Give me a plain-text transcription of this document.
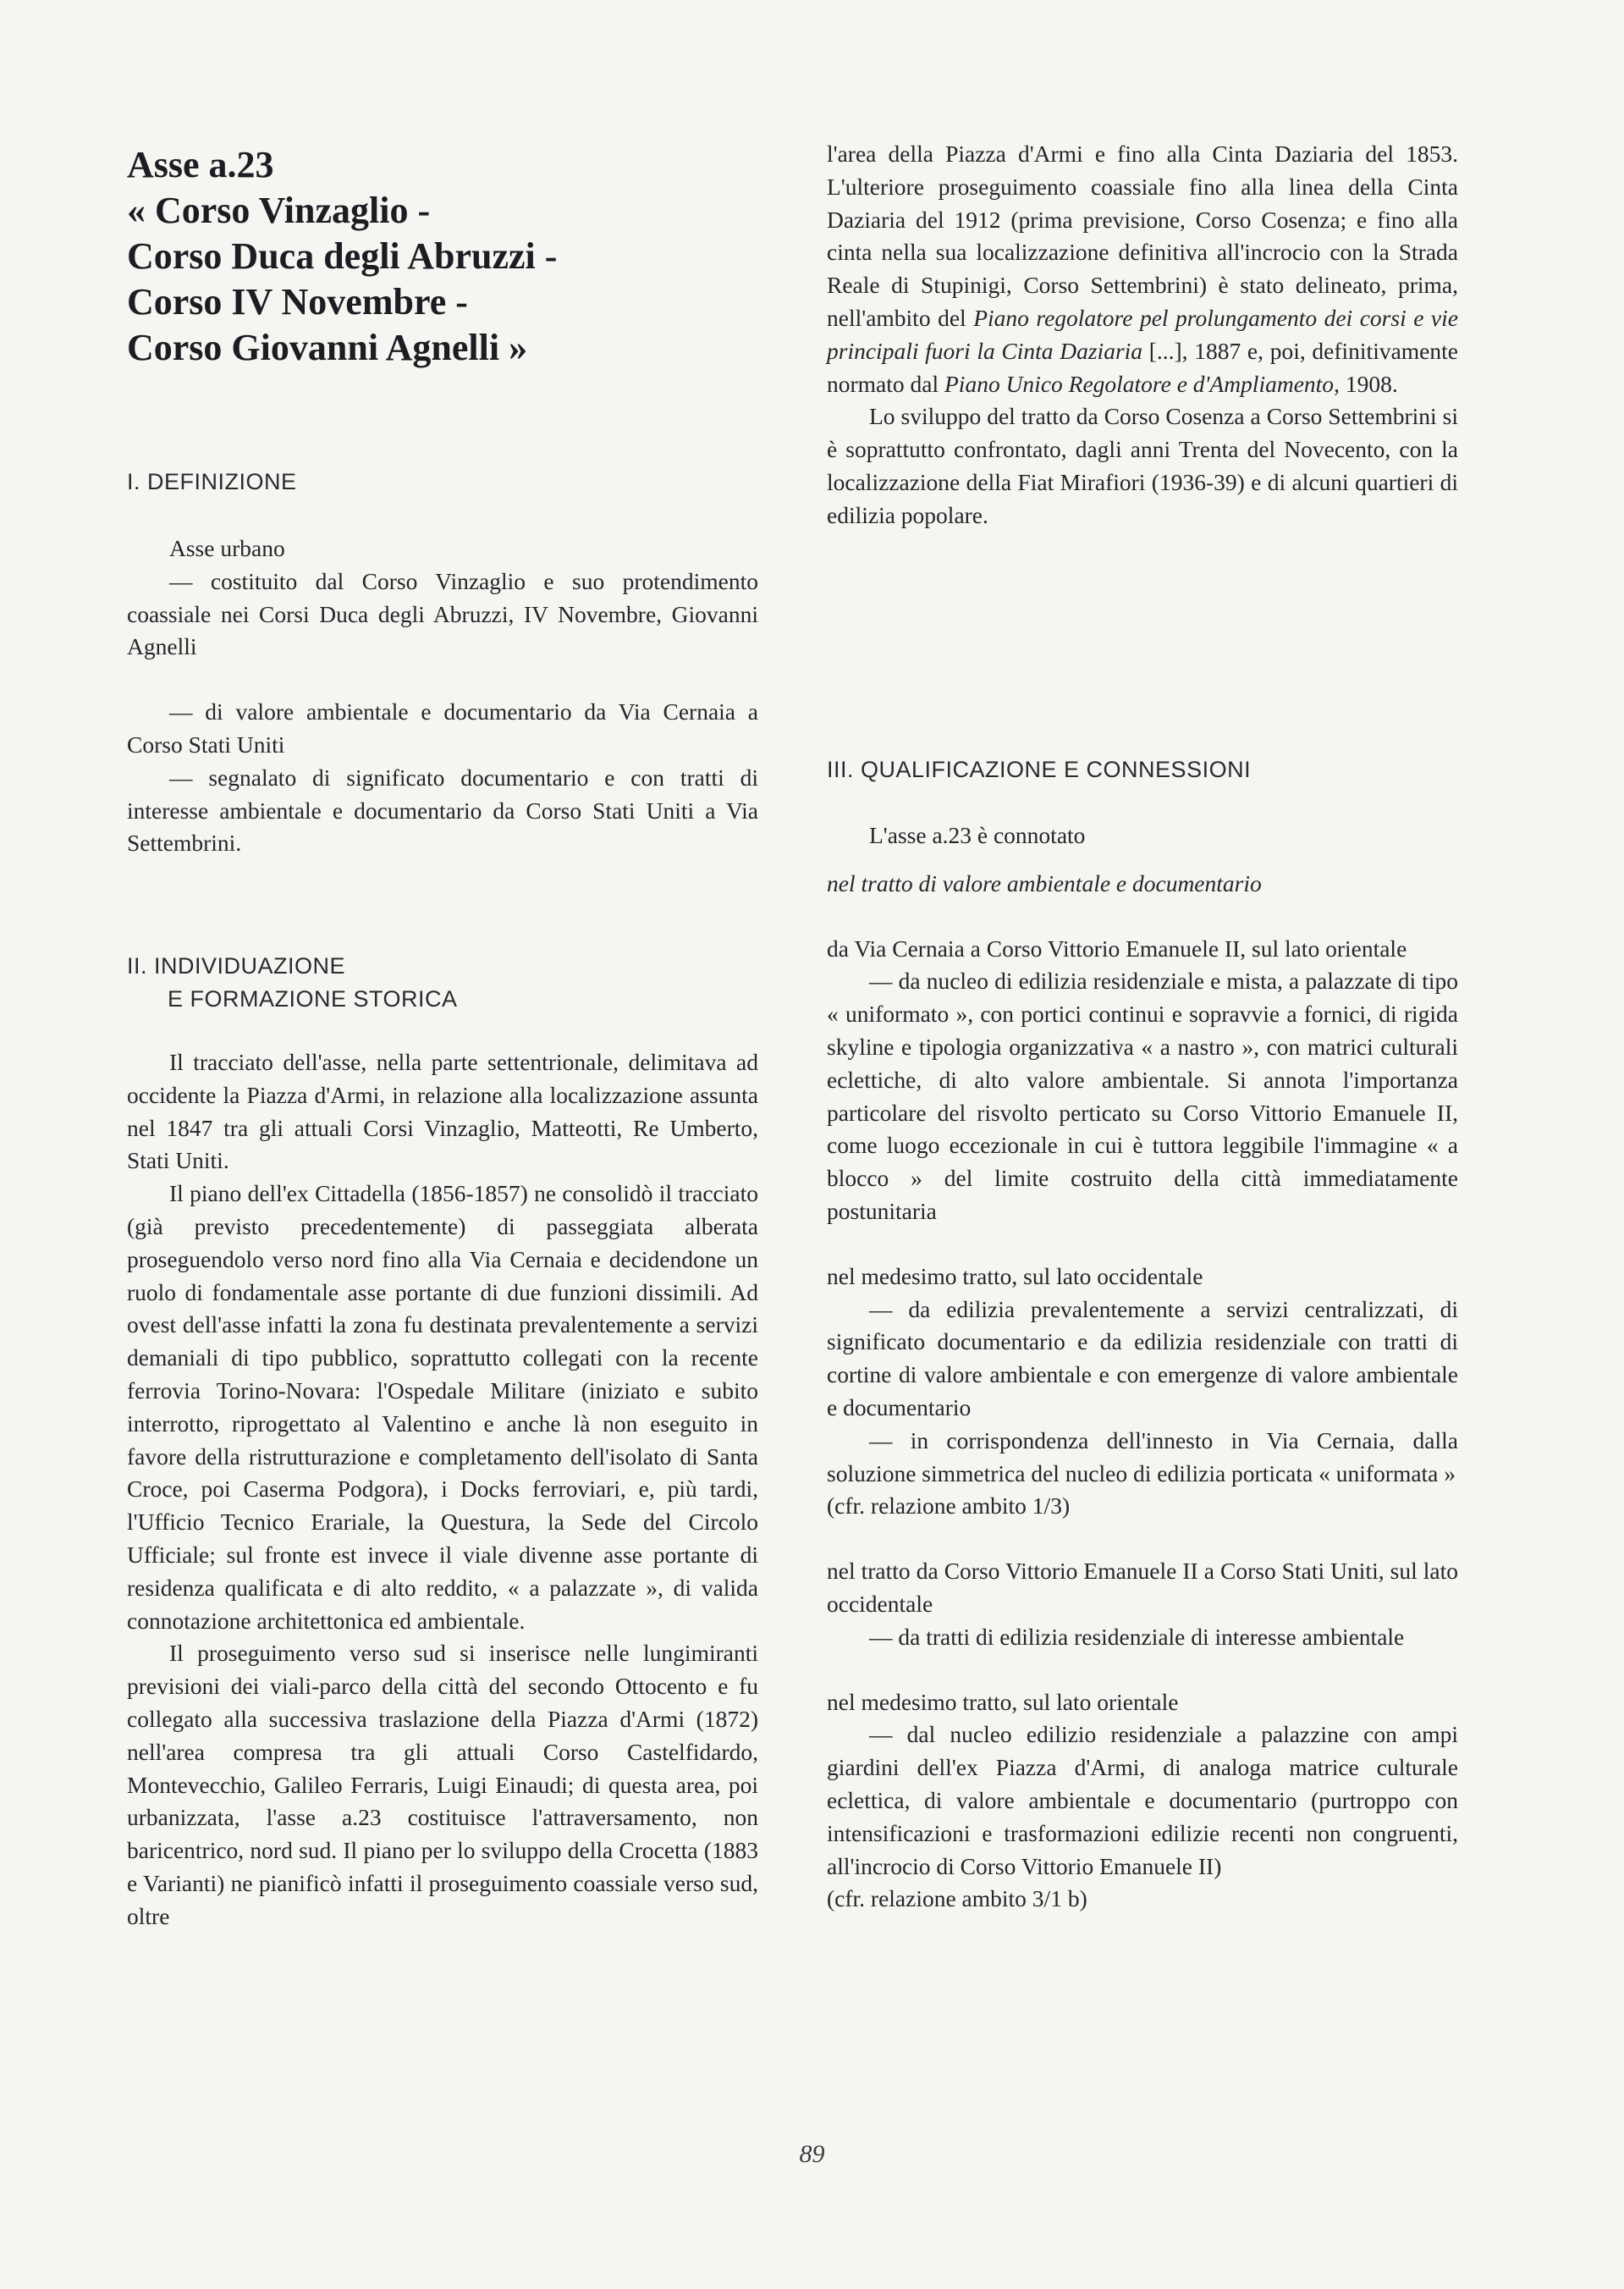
Asse a.23
« Corso Vinzaglio -
Corso Duca degli Abruzzi -
Corso IV Novembre -
Corso Giovanni Agnelli »
I. DEFINIZIONE

Asse urbano

— costituito dal Corso Vinzaglio e suo protendimento coassiale nei Corsi Duca degli Abruzzi, IV Novembre, Giovanni Agnelli

— di valore ambientale e documentario da Via Cernaia a Corso Stati Uniti

— segnalato di significato documentario e con tratti di interesse ambientale e documentario da Corso Stati Uniti a Via Settembrini.

II. INDIVIDUAZIONE
E FORMAZIONE STORICA

Il tracciato dell'asse, nella parte settentrionale, delimitava ad occidente la Piazza d'Armi, in relazione alla localizzazione assunta nel 1847 tra gli attuali Corsi Vinzaglio, Matteotti, Re Umberto, Stati Uniti.

Il piano dell'ex Cittadella (1856-1857) ne consolidò il tracciato (già previsto precedentemente) di passeggiata alberata proseguendolo verso nord fino alla Via Cernaia e decidendone un ruolo di fondamentale asse portante di due funzioni dissimili. Ad ovest dell'asse infatti la zona fu destinata prevalentemente a servizi demaniali di tipo pubblico, soprattutto collegati con la recente ferrovia Torino-Novara: l'Ospedale Militare (iniziato e subito interrotto, riprogettato al Valentino e anche là non eseguito in favore della ristrutturazione e completamento dell'isolato di Santa Croce, poi Caserma Podgora), i Docks ferroviari, e, più tardi, l'Ufficio Tecnico Erariale, la Questura, la Sede del Circolo Ufficiale; sul fronte est invece il viale divenne asse portante di residenza qualificata e di alto reddito, « a palazzate », di valida connotazione architettonica ed ambientale.

Il proseguimento verso sud si inserisce nelle lungimiranti previsioni dei viali-parco della città del secondo Ottocento e fu collegato alla successiva traslazione della Piazza d'Armi (1872) nell'area compresa tra gli attuali Corso Castelfidardo, Montevecchio, Galileo Ferraris, Luigi Einaudi; di questa area, poi urbanizzata, l'asse a.23 costituisce l'attraversamento, non baricentrico, nord sud. Il piano per lo sviluppo della Crocetta (1883 e Varianti) ne pianificò infatti il proseguimento coassiale verso sud, oltre

l'area della Piazza d'Armi e fino alla Cinta Daziaria del 1853. L'ulteriore proseguimento coassiale fino alla linea della Cinta Daziaria del 1912 (prima previsione, Corso Cosenza; e fino alla cinta nella sua localizzazione definitiva all'incrocio con la Strada Reale di Stupinigi, Corso Settembrini) è stato delineato, prima, nell'ambito del Piano regolatore pel prolungamento dei corsi e vie principali fuori la Cinta Daziaria [...], 1887 e, poi, definitivamente normato dal Piano Unico Regolatore e d'Ampliamento, 1908.

Lo sviluppo del tratto da Corso Cosenza a Corso Settembrini si è soprattutto confrontato, dagli anni Trenta del Novecento, con la localizzazione della Fiat Mirafiori (1936-39) e di alcuni quartieri di edilizia popolare.

III. QUALIFICAZIONE E CONNESSIONI

L'asse a.23 è connotato

nel tratto di valore ambientale e documentario

da Via Cernaia a Corso Vittorio Emanuele II, sul lato orientale

— da nucleo di edilizia residenziale e mista, a palazzate di tipo « uniformato », con portici continui e sopravvie a fornici, di rigida skyline e tipologia organizzativa « a nastro », con matrici culturali eclettiche, di alto valore ambientale. Si annota l'importanza particolare del risvolto perticato su Corso Vittorio Emanuele II, come luogo eccezionale in cui è tuttora leggibile l'immagine « a blocco » del limite costruito della città immediatamente postunitaria

nel medesimo tratto, sul lato occidentale

— da edilizia prevalentemente a servizi centralizzati, di significato documentario e da edilizia residenziale con tratti di cortine di valore ambientale e con emergenze di valore ambientale e documentario

— in corrispondenza dell'innesto in Via Cernaia, dalla soluzione simmetrica del nucleo di edilizia porticata « uniformata »

(cfr. relazione ambito 1/3)

nel tratto da Corso Vittorio Emanuele II a Corso Stati Uniti, sul lato occidentale

— da tratti di edilizia residenziale di interesse ambientale

nel medesimo tratto, sul lato orientale

— dal nucleo edilizio residenziale a palazzine con ampi giardini dell'ex Piazza d'Armi, di analoga matrice culturale eclettica, di valore ambientale e documentario (purtroppo con intensificazioni e trasformazioni edilizie recenti non congruenti, all'incrocio di Corso Vittorio Emanuele II)

(cfr. relazione ambito 3/1 b)

89
